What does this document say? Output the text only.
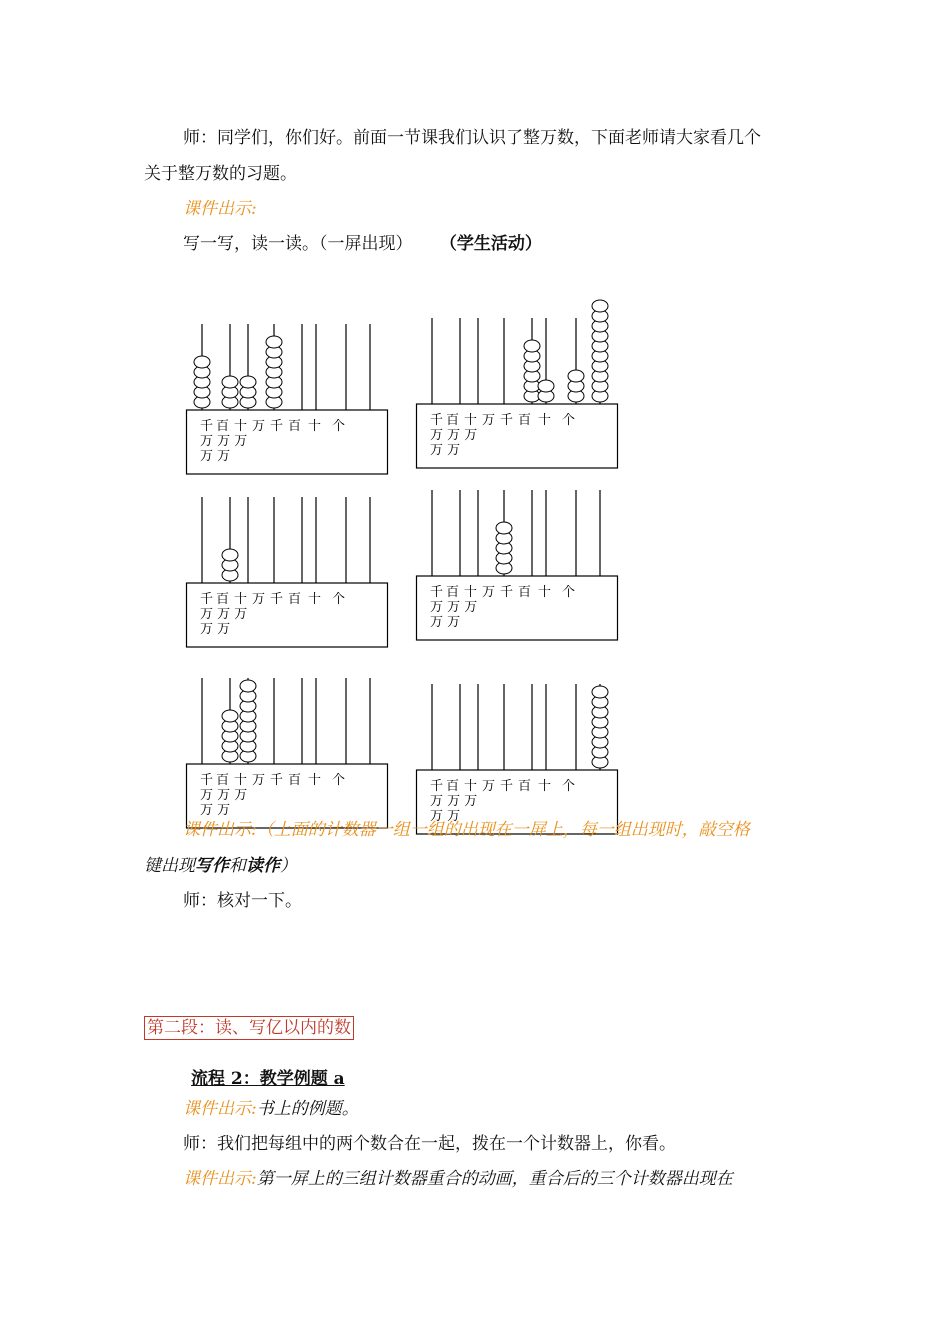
师：同学们，你们好。前面一节课我们认识了整万数，下面老师请大家看几个
关于整万数的习题。
课件出示:
写一写，读一读。（一屏出现） （学生活动）
千 百 十 万 千 百 十 个
万 万 万
万 万
千 百 十 万 千 百 十 个
万 万 万
万 万
千 百 十 万 千 百 十 个
万 万 万
万 万
千 百 十 万 千 百 十 个
万 万 万
万 万
千 百 十 万 千 百 十 个
万 万 万
万 万
千 百 十 万 千 百 十 个
万 万 万
万 万
课件出示:（上面的计数器一组一组的出现在一屏上，每一组出现时，敲空格
键出现写作和读作）
师：核对一下。
第二段：读、写亿以内的数
流程 2：教学例题 a
课件出示:书上的例题。
师：我们把每组中的两个数合在一起，拨在一个计数器上，你看。
课件出示:第一屏上的三组计数器重合的动画，重合后的三个计数器出现在
